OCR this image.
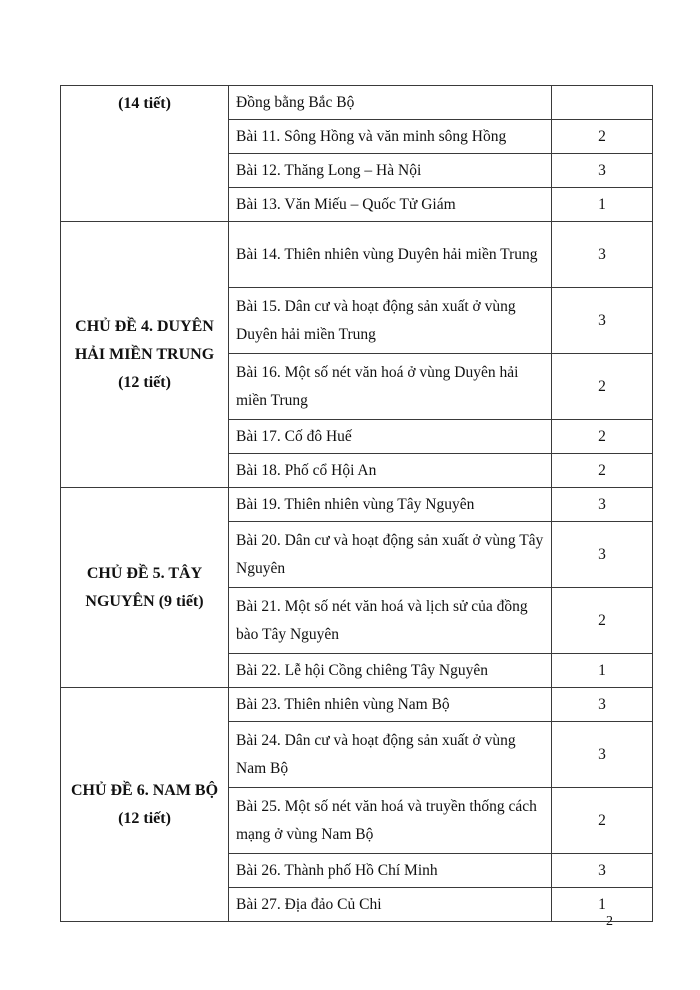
(14 tiết)	Đồng bằng Bắc Bộ	
	Bài 11. Sông Hồng và văn minh sông Hồng	2
	Bài 12. Thăng Long – Hà Nội	3
	Bài 13. Văn Miếu – Quốc Tử Giám	1

CHỦ ĐỀ 4. DUYÊN
HẢI MIỀN TRUNG
(12 tiết)	Bài 14. Thiên nhiên vùng Duyên hải miền Trung	3
	Bài 15. Dân cư và hoạt động sản xuất ở vùng Duyên hải miền Trung	3
	Bài 16. Một số nét văn hoá ở vùng Duyên hải miền Trung	2
	Bài 17. Cố đô Huế	2
	Bài 18. Phố cổ Hội An	2

CHỦ ĐỀ 5. TÂY
NGUYÊN (9 tiết)	Bài 19. Thiên nhiên vùng Tây Nguyên	3
	Bài 20. Dân cư và hoạt động sản xuất ở vùng Tây Nguyên	3
	Bài 21. Một số nét văn hoá và lịch sử của đồng bào Tây Nguyên	2
	Bài 22. Lễ hội Cồng chiêng Tây Nguyên	1

CHỦ ĐỀ 6. NAM BỘ
(12 tiết)	Bài 23. Thiên nhiên vùng Nam Bộ	3
	Bài 24. Dân cư và hoạt động sản xuất ở vùng Nam Bộ	3
	Bài 25. Một số nét văn hoá và truyền thống cách mạng ở vùng Nam Bộ	2
	Bài 26. Thành phố Hồ Chí Minh	3
	Bài 27. Địa đảo Củ Chi	1
2
